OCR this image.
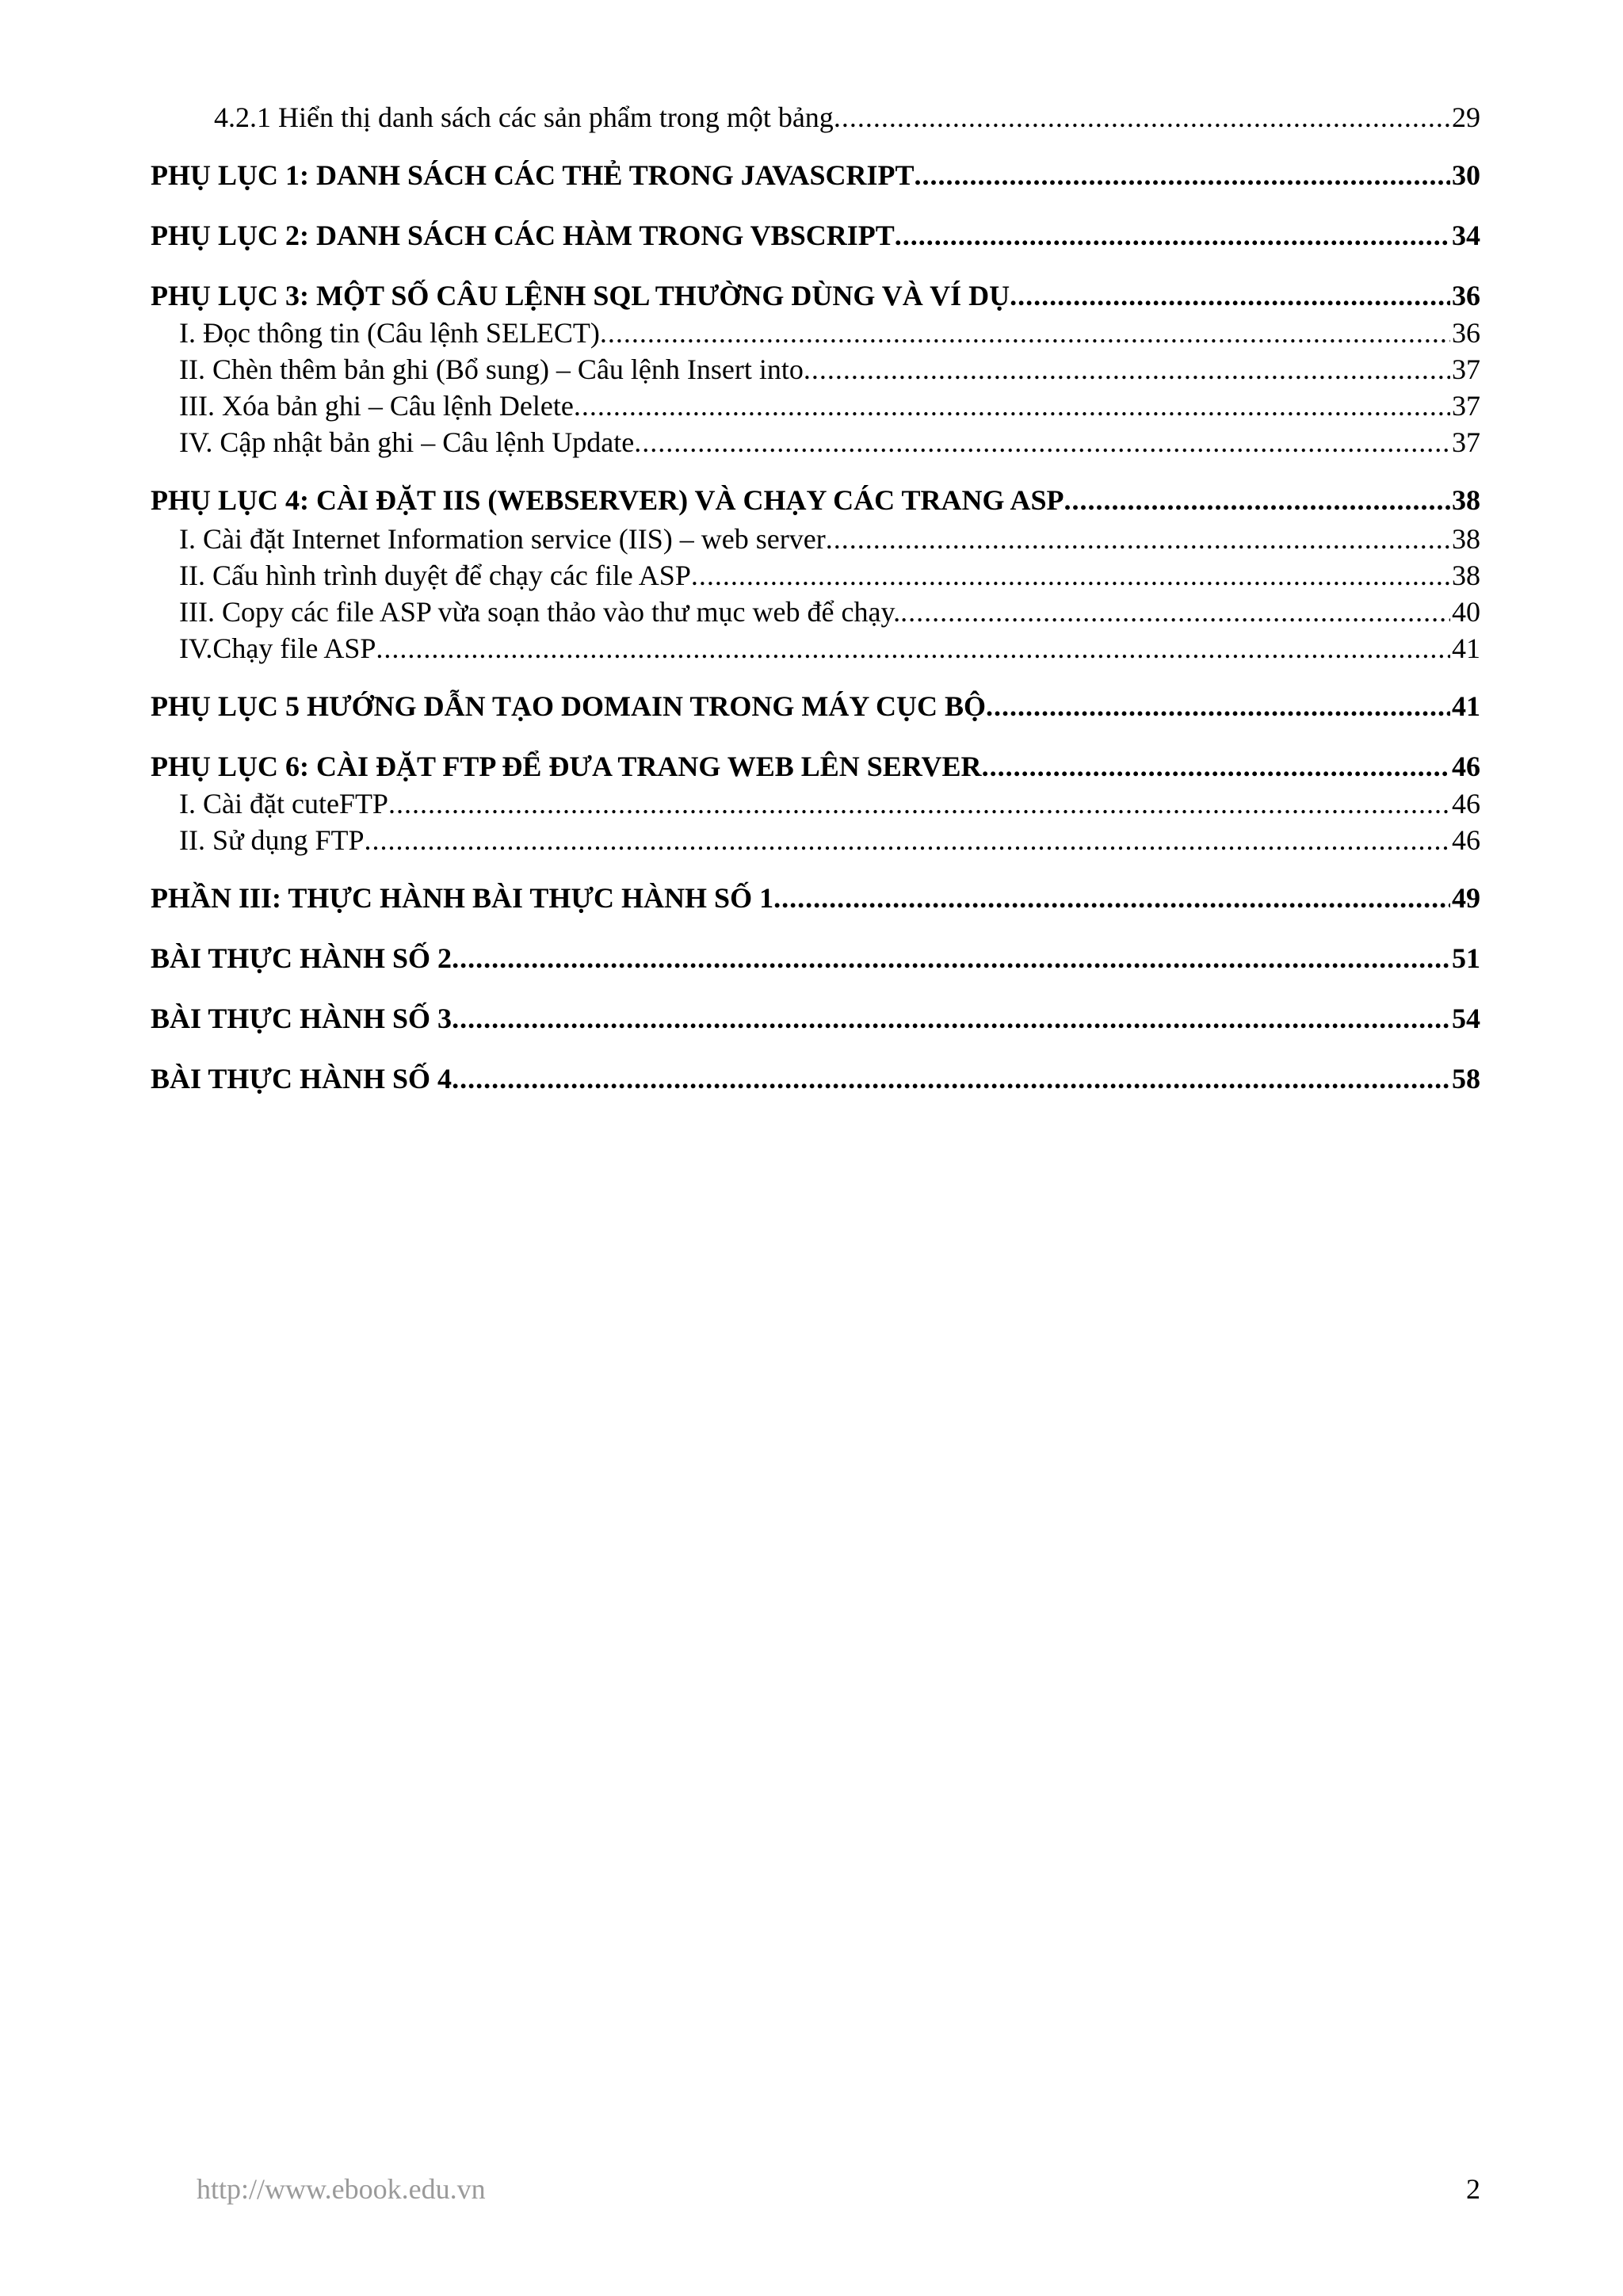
4.2.1 Hiển thị danh sách các sản phẩm trong một bảng .....	29
PHỤ LỤC 1: DANH SÁCH CÁC THẺ TRONG JAVASCRIPT .....	30
PHỤ LỤC 2: DANH SÁCH CÁC HÀM TRONG VBSCRIPT .....	34
PHỤ LỤC 3: MỘT SỐ CÂU LỆNH SQL THƯỜNG DÙNG VÀ VÍ DỤ .....	36
I. Đọc thông tin (Câu lệnh SELECT) .....	36
II. Chèn thêm bản ghi (Bổ sung) – Câu lệnh Insert into .....	37
III. Xóa bản ghi – Câu lệnh Delete .....	37
IV. Cập nhật bản ghi – Câu lệnh Update .....	37
PHỤ LỤC 4: CÀI ĐẶT IIS (WEBSERVER) VÀ CHẠY CÁC TRANG ASP .....	38
I. Cài đặt Internet Information service (IIS) – web server .....	38
II. Cấu hình trình duyệt để chạy các file ASP .....	38
III. Copy các file ASP vừa soạn thảo vào thư mục web để chạy. .....	40
IV.Chạy file ASP .....	41
PHỤ LỤC 5 HƯỚNG DẪN TẠO DOMAIN TRONG MÁY CỤC BỘ .....	41
PHỤ LỤC 6: CÀI ĐẶT FTP ĐỂ ĐƯA TRANG WEB LÊN SERVER .....	46
I. Cài đặt cuteFTP .....	46
II. Sử dụng FTP .....	46
PHẦN III: THỰC HÀNH BÀI THỰC HÀNH SỐ 1 .....	49
BÀI THỰC HÀNH SỐ 2 .....	51
BÀI THỰC HÀNH SỐ 3 .....	54
BÀI THỰC HÀNH SỐ 4 .....	58
http://www.ebook.edu.vn	2
